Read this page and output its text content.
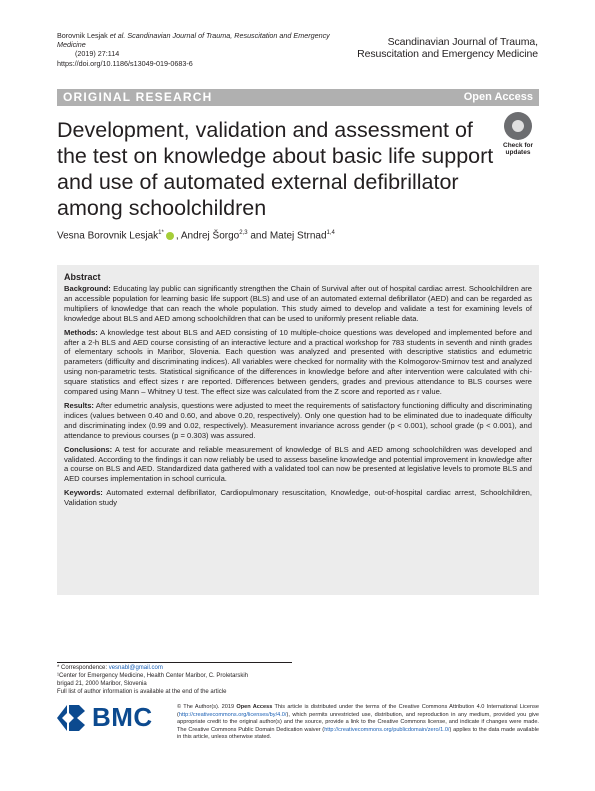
Borovnik Lesjak et al. Scandinavian Journal of Trauma, Resuscitation and Emergency Medicine
(2019) 27:114
https://doi.org/10.1186/s13049-019-0683-6
Scandinavian Journal of Trauma,
Resuscitation and Emergency Medicine
ORIGINAL RESEARCH	Open Access
Development, validation and assessment of the test on knowledge about basic life support and use of automated external defibrillator among schoolchildren
Check for
updates
Vesna Borovnik Lesjak$^{1*}$ , Andrej Šorgo$^{2,3}$ and Matej Strnad$^{1,4}$
Abstract

Background: Educating lay public can significantly strengthen the Chain of Survival after out of hospital cardiac arrest. Schoolchildren are an accessible population for learning basic life support (BLS) and use of an automated external defibrillator (AED) and can be regarded as multipliers of knowledge that can reach the whole population. This study aimed to develop and validate a test for examining levels of knowledge about BLS and AED among schoolchildren that can be used to uniformly present reliable data.

Methods: A knowledge test about BLS and AED consisting of 10 multiple-choice questions was developed and implemented before and after a 2-h BLS and AED course consisting of an interactive lecture and a practical workshop for 783 students in seventh and ninth grades of elementary schools in Maribor, Slovenia. Each question was analyzed and presented with descriptive statistics and edumetric parameters (difficulty and discriminating indices). All variables were checked for normality with the Kolmogorov-Smirnov test and analyzed using non-parametric tests. Statistical significance of the differences in knowledge before and after intervention were calculated with chi-square statistics and effect sizes r are reported. Differences between genders, grades and previous attendance to BLS courses were compared using Mann – Whitney U test. The effect size was calculated from the Z score and reported as r value.

Results: After edumetric analysis, questions were adjusted to meet the requirements of satisfactory functioning difficulty and discriminating indices (values between 0.40 and 0.60, and above 0.20, respectively). Only one question had to be eliminated due to inadequate difficulty and discriminating index (0.99 and 0.02, respectively). Measurement invariance across gender (p < 0.001), school grade (p < 0.001), and attendance to previous courses (p = 0.303) was assured.

Conclusions: A test for accurate and reliable measurement of knowledge of BLS and AED among schoolchildren was developed and validated. According to the findings it can now reliably be used to assess baseline knowledge and potential improvement in knowledge after a course on BLS and AED. Standardized data gathered with a validated tool can now be presented at legislative levels to promote BLS and AED courses implementation in school curricula.

Keywords: Automated external defibrillator, Cardiopulmonary resuscitation, Knowledge, out-of-hospital cardiac arrest, Schoolchildren, Validation study

* Correspondence: vesnabl@gmail.com
¹Center for Emergency Medicine, Health Center Maribor, C. Proletarskih
brigad 21, 2000 Maribor, Slovenia
Full list of author information is available at the end of the article
BMC	© The Author(s). 2019 Open Access This article is distributed under the terms of the Creative Commons Attribution 4.0 International License (http://creativecommons.org/licenses/by/4.0/), which permits unrestricted use, distribution, and reproduction in any medium, provided you give appropriate credit to the original author(s) and the source, provide a link to the Creative Commons license, and indicate if changes were made. The Creative Commons Public Domain Dedication waiver (http://creativecommons.org/publicdomain/zero/1.0/) applies to the data made available in this article, unless otherwise stated.
